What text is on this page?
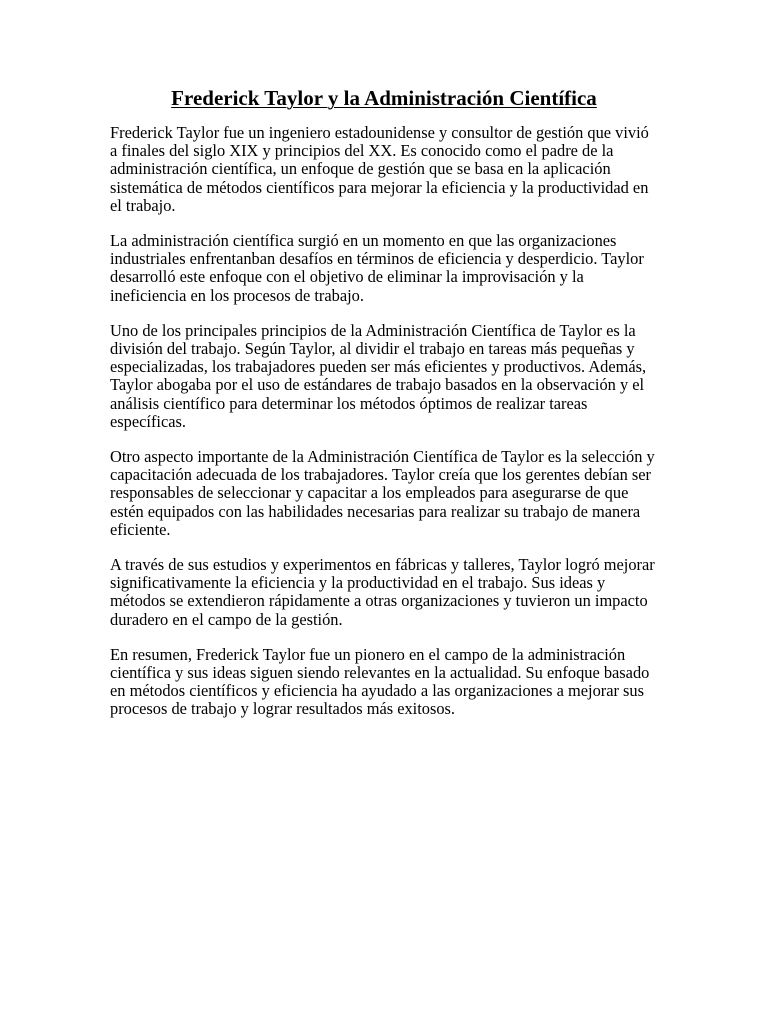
Frederick Taylor y la Administración Científica

Frederick Taylor fue un ingeniero estadounidense y consultor de gestión que vivió a finales del siglo XIX y principios del XX. Es conocido como el padre de la administración científica, un enfoque de gestión que se basa en la aplicación sistemática de métodos científicos para mejorar la eficiencia y la productividad en el trabajo.

La administración científica surgió en un momento en que las organizaciones industriales enfrentanban desafíos en términos de eficiencia y desperdicio. Taylor desarrolló este enfoque con el objetivo de eliminar la improvisación y la ineficiencia en los procesos de trabajo.

Uno de los principales principios de la Administración Científica de Taylor es la división del trabajo. Según Taylor, al dividir el trabajo en tareas más pequeñas y especializadas, los trabajadores pueden ser más eficientes y productivos. Además, Taylor abogaba por el uso de estándares de trabajo basados en la observación y el análisis científico para determinar los métodos óptimos de realizar tareas específicas.

Otro aspecto importante de la Administración Científica de Taylor es la selección y capacitación adecuada de los trabajadores. Taylor creía que los gerentes debían ser responsables de seleccionar y capacitar a los empleados para asegurarse de que estén equipados con las habilidades necesarias para realizar su trabajo de manera eficiente.

A través de sus estudios y experimentos en fábricas y talleres, Taylor logró mejorar significativamente la eficiencia y la productividad en el trabajo. Sus ideas y métodos se extendieron rápidamente a otras organizaciones y tuvieron un impacto duradero en el campo de la gestión.

En resumen, Frederick Taylor fue un pionero en el campo de la administración científica y sus ideas siguen siendo relevantes en la actualidad. Su enfoque basado en métodos científicos y eficiencia ha ayudado a las organizaciones a mejorar sus procesos de trabajo y lograr resultados más exitosos.
